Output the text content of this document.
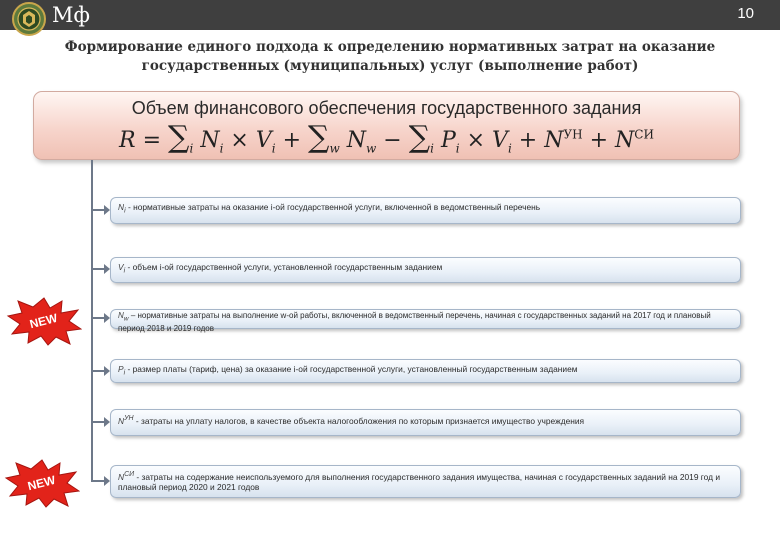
Мф	10
Формирование единого подхода к определению нормативных затрат на оказание
государственных (муниципальных) услуг (выполнение работ)
Объем финансового обеспечения государственного задания
$R = \sum_i$ $N_i \times V_i + \sum_w$ $N_w - \sum_i$ $P_i \times V_i + N^{УН} + N^{СИ}$
$N_i$ - нормативные затраты на оказание i-ой государственной услуги, включенной в ведомственный перечень
$V_i$ - объем i-ой государственной услуги, установленной государственным заданием
$N_w$ – нормативные затраты на выполнение w-ой работы, включенной в ведомственный перечень, начиная с государственных заданий на 2017 год и плановый период 2018 и 2019 годов
$P_i$ - размер платы (тариф, цена) за оказание i-ой государственной услуги, установленный государственным заданием
$N^{УН}$ - затраты на уплату налогов, в качестве объекта налогообложения по которым признается имущество учреждения
$N^{СИ}$ - затраты на содержание неиспользуемого для выполнения государственного задания имущества, начиная с государственных заданий на 2019 год и плановый период 2020 и 2021 годов
NEW
NEW
